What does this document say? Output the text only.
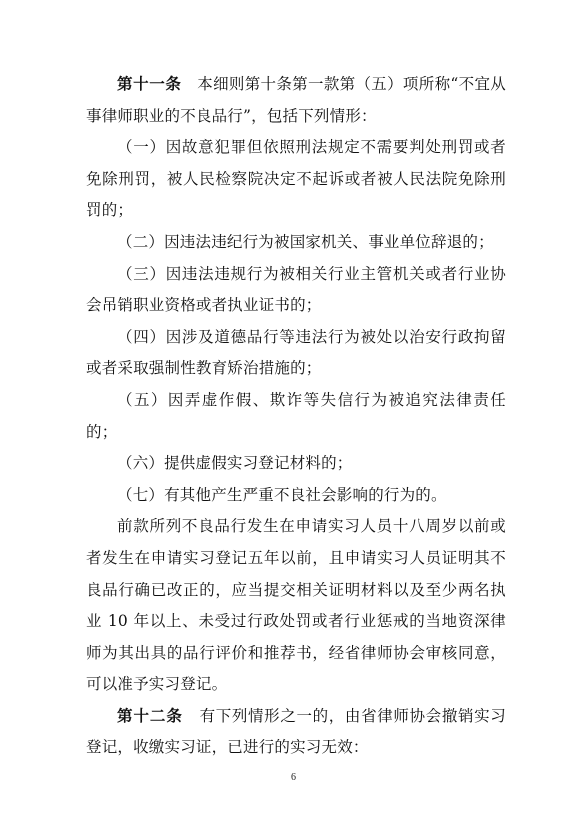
第十一条 本细则第十条第一款第（五）项所称“不宜从事律师职业的不良品行”，包括下列情形：

（一）因故意犯罪但依照刑法规定不需要判处刑罚或者免除刑罚，被人民检察院决定不起诉或者被人民法院免除刑罚的；

（二）因违法违纪行为被国家机关、事业单位辞退的；

（三）因违法违规行为被相关行业主管机关或者行业协会吊销职业资格或者执业证书的；

（四）因涉及道德品行等违法行为被处以治安行政拘留或者采取强制性教育矫治措施的；

（五）因弄虚作假、欺诈等失信行为被追究法律责任的；

（六）提供虚假实习登记材料的；

（七）有其他产生严重不良社会影响的行为的。

前款所列不良品行发生在申请实习人员十八周岁以前或者发生在申请实习登记五年以前，且申请实习人员证明其不良品行确已改正的，应当提交相关证明材料以及至少两名执业 10 年以上、未受过行政处罚或者行业惩戒的当地资深律师为其出具的品行评价和推荐书，经省律师协会审核同意，可以准予实习登记。

第十二条 有下列情形之一的，由省律师协会撤销实习登记，收缴实习证，已进行的实习无效：

6
